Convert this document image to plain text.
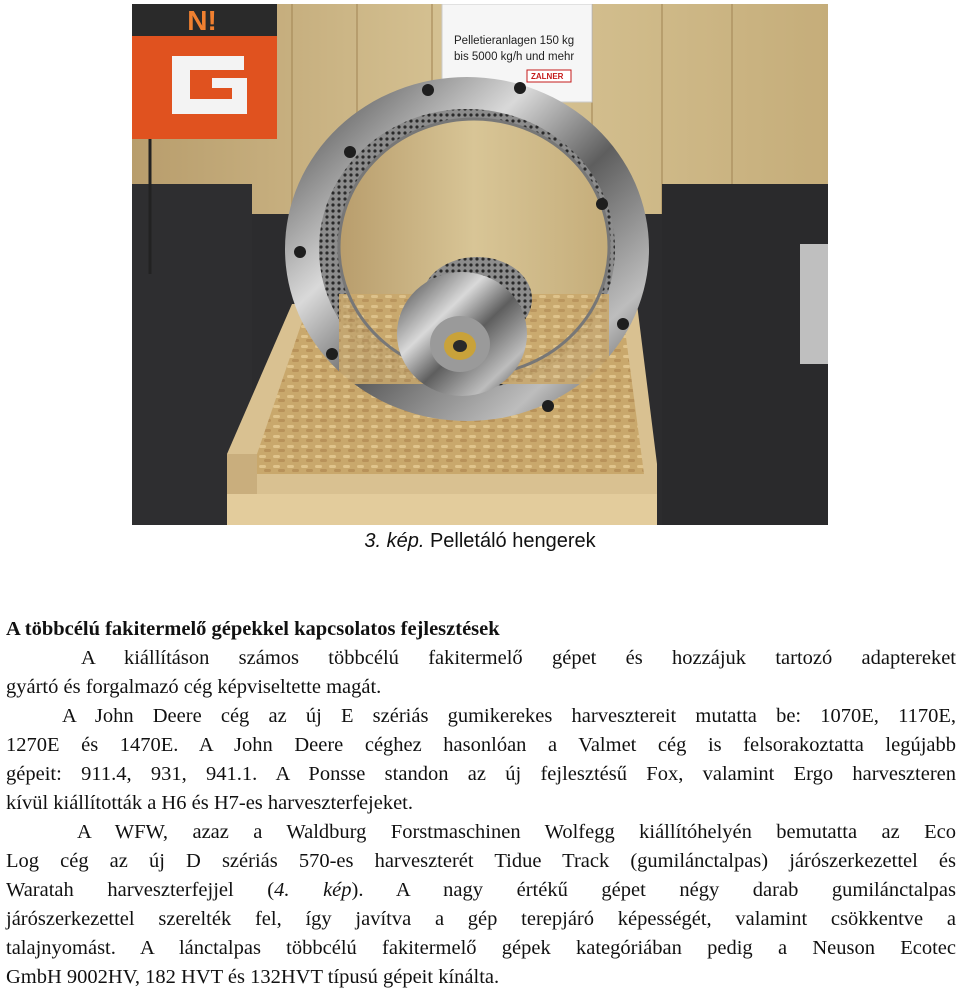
N!
Pelletieranlagen 150 kg
bis 5000 kg/h und mehr
ZALNER
3. kép. Pelletáló hengerek
A többcélú fakitermelő gépekkel kapcsolatos fejlesztések
A kiállításon számos többcélú fakitermelő gépet és hozzájuk tartozó adaptereket
gyártó és forgalmazó cég képviseltette magát.
A John Deere cég az új E szériás gumikerekes harvesztereit mutatta be: 1070E, 1170E,
1270E és 1470E. A John Deere céghez hasonlóan a Valmet cég is felsorakoztatta legújabb
gépeit: 911.4, 931, 941.1. A Ponsse standon az új fejlesztésű Fox, valamint Ergo harveszteren
kívül kiállították a H6 és H7-es harveszterfejeket.
A WFW, azaz a Waldburg Forstmaschinen Wolfegg kiállítóhelyén bemutatta az Eco
Log cég az új D szériás 570-es harveszterét Tidue Track (gumiláncta​lpas) járószerkezettel és
Waratah harveszterfejjel (4. kép). A nagy értékű gépet négy darab gumilánctalpas
járószerkezettel szerelték fel, így javítva a gép terepjáró képességét, valamint csökkentve a
talajnyomást. A lánctalpas többcélú fakitermelő gépek kategóriában pedig a Neuson Ecotec
GmbH 9002HV, 182 HVT és 132HVT típusú gépeit kínálta.
